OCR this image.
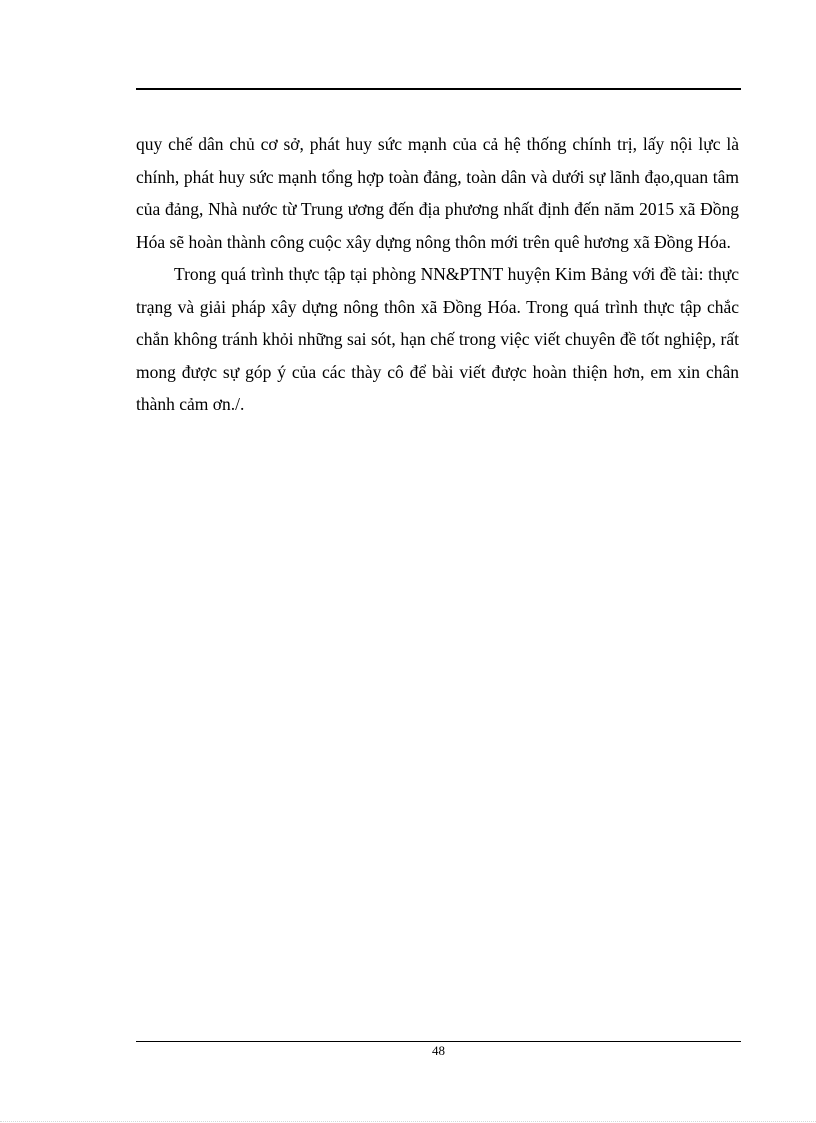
quy chế dân chủ cơ sở, phát huy sức mạnh của cả hệ thống chính trị, lấy nội lực là chính, phát huy sức mạnh tổng hợp toàn đảng, toàn dân và dưới sự lãnh đạo,quan tâm của đảng, Nhà nước từ Trung ương đến địa phương nhất định đến năm 2015 xã Đồng Hóa sẽ hoàn thành công cuộc xây dựng nông thôn mới trên quê hương xã Đồng Hóa.

Trong quá trình thực tập tại phòng NN&PTNT huyện Kim Bảng với đề tài: thực trạng và giải pháp xây dựng nông thôn xã Đồng Hóa. Trong quá trình thực tập chắc chắn không tránh khỏi những sai sót, hạn chế trong việc viết chuyên đề tốt nghiệp, rất mong được sự góp ý của các thày cô để bài viết được hoàn thiện hơn, em xin chân thành cảm ơn./.

48
